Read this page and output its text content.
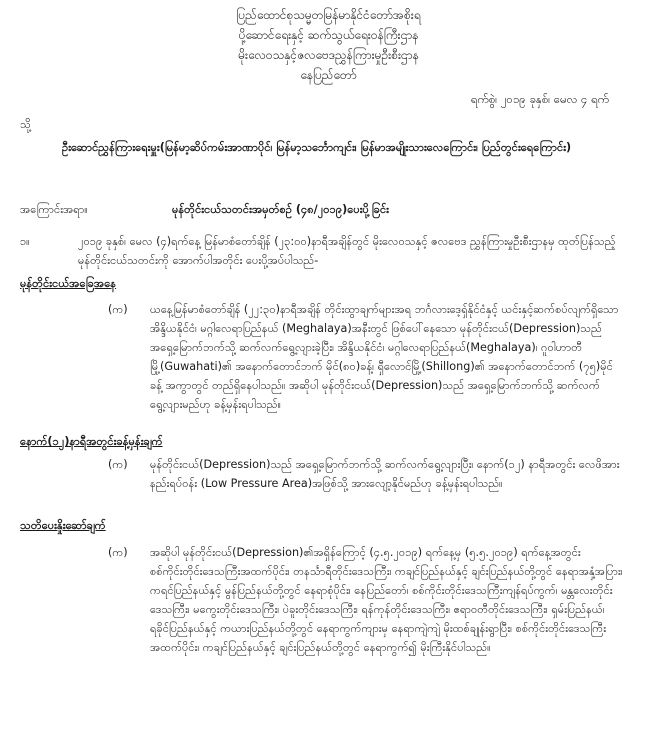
ပြည်ထောင်စုသမ္မတမြန်မာနိုင်ငံတော်အစိုးရ
ပို့ဆောင်ရေးနှင့် ဆက်သွယ်ရေးဝန်ကြီးဌာန
မိုးလေဝသနှင့်ဇလဗေဒညွှန်ကြားမှုဦးစီးဌာန
နေပြည်တော်
ရက်စွဲ၊ ၂၀၁၉ ခုနှစ်၊ မေလ ၄ ရက်
သို့
ဦးဆောင်ညွှန်ကြားရေးမှူး(မြန်မာ့ဆိပ်ကမ်းအာဏာပိုင်၊ မြန်မာ့သင်္ဘောကျင်း၊ မြန်မာအမျိုးသားလေကြောင်း၊ ပြည်တွင်းရေကြောင်း)
အကြောင်းအရာ။	မုန်တိုင်းငယ်သတင်းအမှတ်စဉ် (၄၈/၂၀၁၉)ပေးပို့ခြင်း
၁။	၂၀၁၉ ခုနှစ်၊ မေလ (၄)ရက်နေ့ မြန်မာစံတော်ချိန် (၂၃:၀၀)နာရီအချိန်တွင် မိုးလေဝသနှင့် ဇလဗေဒ ညွှန်ကြားမှုဦးစီးဌာနမှ ထုတ်ပြန်သည့် မုန်တိုင်းငယ်သတင်းကို အောက်ပါအတိုင်း ပေးပို့အပ်ပါသည်-
မုန်တိုင်းငယ်အခြေအနေ
(က) ယနေ့မြန်မာစံတော်ချိန် (၂၂:၃၀)နာရီအချိန် တိုင်းထွာချက်များအရ ဘင်္ဂလားဒေ့ရှ်နိုင်ငံနှင့် ယင်းနှင့်ဆက်စပ်လျက်ရှိသော အိန္ဒိယနိုင်ငံ၊ မဂ္ဂါလေရာပြည်နယ် (Meghalaya)အနီးတွင် ဖြစ်ပေါ်နေသော မုန်တိုင်းငယ်(Depression)သည် အရှေ့မြောက်ဘက်သို့ ဆက်လက်ရွေ့လျားခဲ့ပြီး၊ အိန္ဒိယနိုင်ငံ၊ မဂ္ဂါလေရာပြည်နယ်(Meghalaya)၊ ဂူဝါဟာတီမြို့(Guwahati)၏ အနောက်တောင်ဘက် မိုင်(၈၀)ခန့်၊ ရှီလောင်မြို့(Shillong)၏ အနောက်တောင်ဘက် (၇၅)မိုင်ခန့် အကွာတွင် တည်ရှိနေပါသည်။ အဆိုပါ မုန်တိုင်းငယ်(Depression)သည် အရှေ့မြောက်ဘက်သို့ ဆက်လက်ရွေ့လျားမည်ဟု ခန့်မှန်းရပါသည်။
နောက်(၁၂)နာရီအတွင်းခန့်မှန်းချက်
(က) မုန်တိုင်းငယ်(Depression)သည် အရှေ့မြောက်ဘက်သို့ ဆက်လက်ရွေ့လျားပြီး၊ နောက်(၁၂) နာရီအတွင်း လေဖိအားနည်းရပ်ဝန်း (Low Pressure Area)အဖြစ်သို့ အားလျော့နိုင်မည်ဟု ခန့်မှန်းရပါသည်။
သတိပေးနှိုးဆော်ချက်
(က) အဆိုပါ မုန်တိုင်းငယ်(Depression)၏အရှိန်ကြောင့် (၄.၅.၂၀၁၉) ရက်နေ့မှ (၅.၅.၂၀၁၉) ရက်နေ့အတွင်း စစ်ကိုင်းတိုင်းဒေသကြီးအထက်ပိုင်း၊ တနင်္သာရီတိုင်းဒေသကြီး၊ ကချင်ပြည်နယ်နှင့် ချင်းပြည်နယ်တို့တွင် နေရာအနှံ့အပြား၊ ကရင်ပြည်နယ်နှင့် မွန်ပြည်နယ်တို့တွင် နေရာစုံပိုင်း၊ နေပြည်တော်၊ စစ်ကိုင်းတိုင်းဒေသကြီးကျန်ရပ်ကွက်၊ မန္တလေးတိုင်းဒေသကြီး၊ မကွေးတိုင်းဒေသကြီး၊ ပဲခူးတိုင်းဒေသကြီး၊ ရန်ကုန်တိုင်းဒေသကြီး၊ ဧရာဝတီတိုင်းဒေသကြီး၊ ရှမ်းပြည်နယ်၊ ရခိုင်ပြည်နယ်နှင့် ကယားပြည်နယ်တို့တွင် နေရာကွက်ကျားမှ နေရာကျဲကျဲ မိုးထစ်ချုန်းရွာပြီး၊ စစ်ကိုင်းတိုင်းဒေသကြီးအထက်ပိုင်း၊ ကချင်ပြည်နယ်နှင့် ချင်းပြည်နယ်တို့တွင် နေရာကွက်၍ မိုးကြီးနိုင်ပါသည်။
